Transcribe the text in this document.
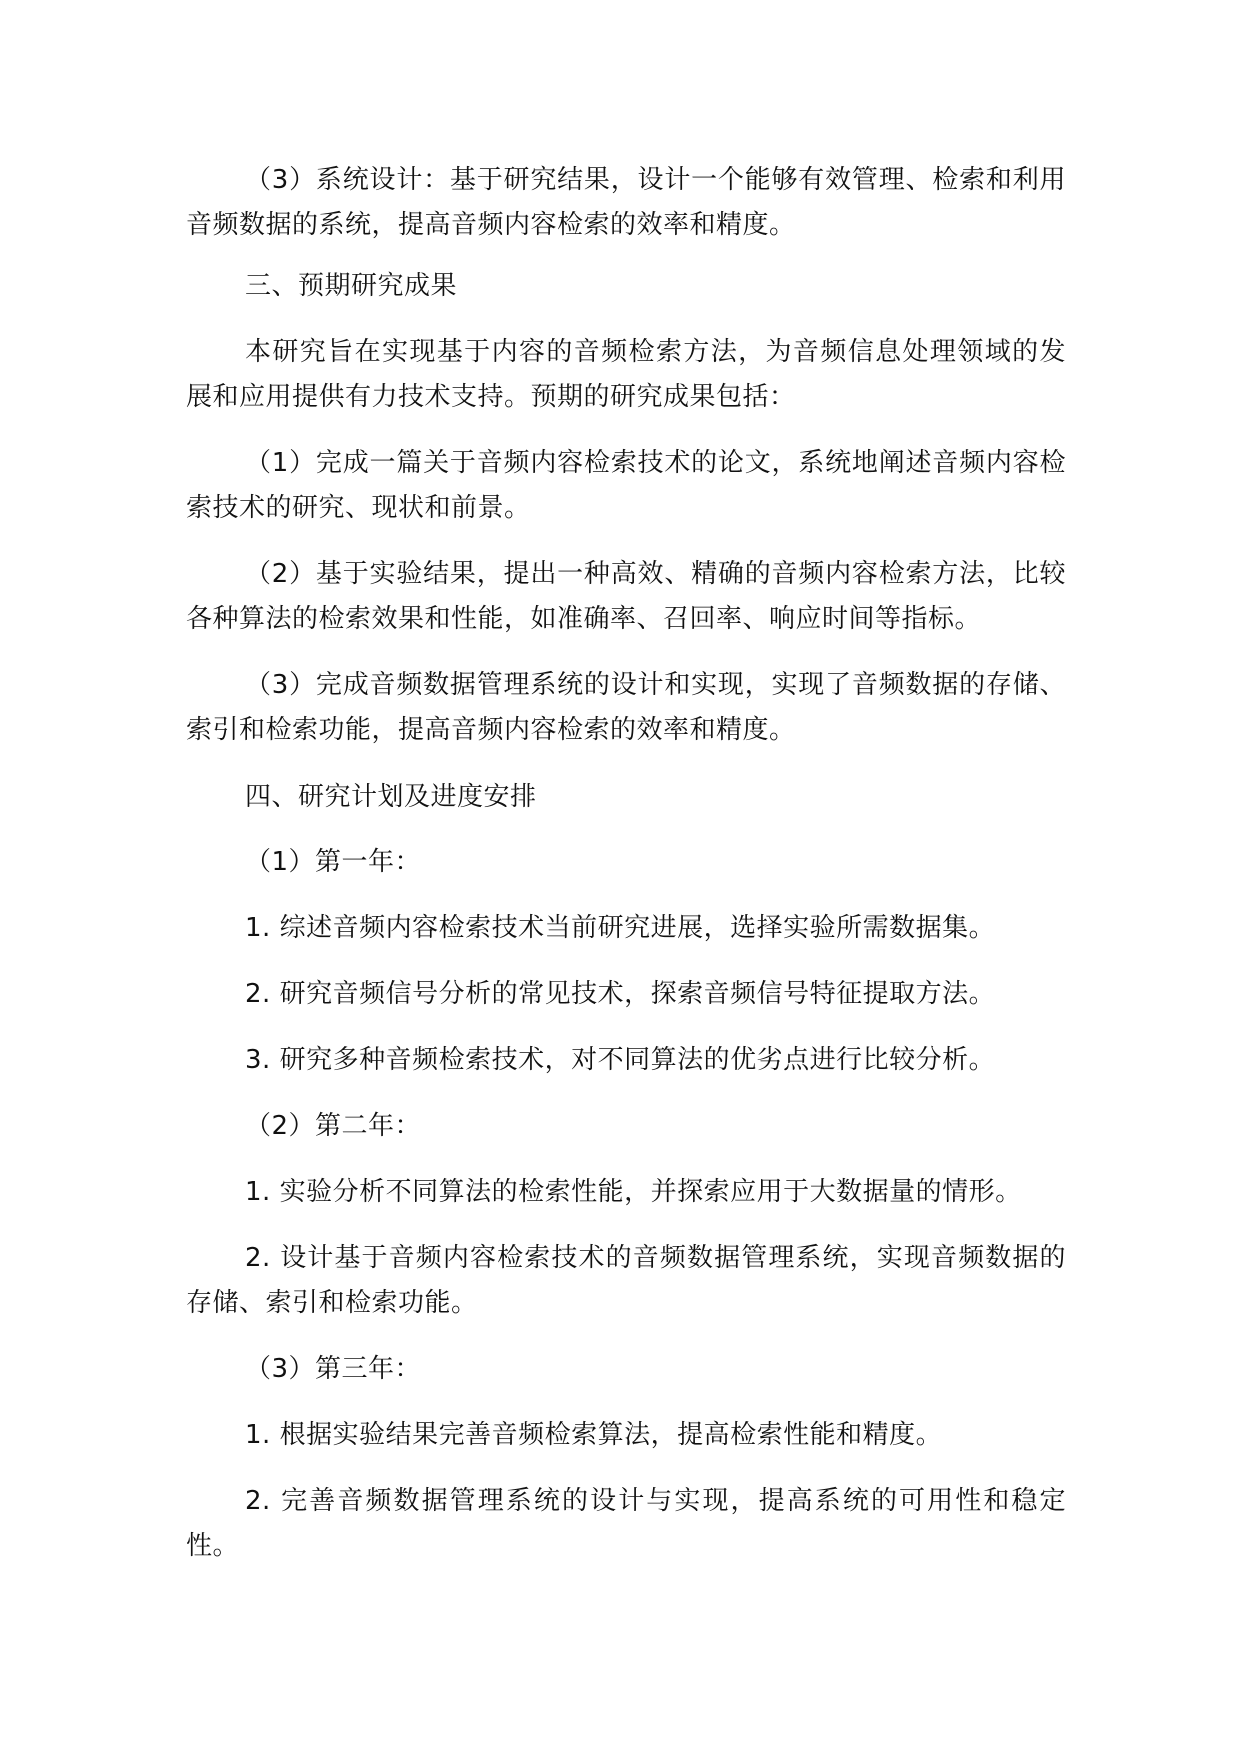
（3）系统设计：基于研究结果，设计一个能够有效管理、检索和利用音频数据的系统，提高音频内容检索的效率和精度。

三、预期研究成果

本研究旨在实现基于内容的音频检索方法，为音频信息处理领域的发展和应用提供有力技术支持。预期的研究成果包括：

（1）完成一篇关于音频内容检索技术的论文，系统地阐述音频内容检索技术的研究、现状和前景。

（2）基于实验结果，提出一种高效、精确的音频内容检索方法，比较各种算法的检索效果和性能，如准确率、召回率、响应时间等指标。

（3）完成音频数据管理系统的设计和实现，实现了音频数据的存储、索引和检索功能，提高音频内容检索的效率和精度。

四、研究计划及进度安排

（1）第一年：

1. 综述音频内容检索技术当前研究进展，选择实验所需数据集。

2. 研究音频信号分析的常见技术，探索音频信号特征提取方法。

3. 研究多种音频检索技术，对不同算法的优劣点进行比较分析。

（2）第二年：

1. 实验分析不同算法的检索性能，并探索应用于大数据量的情形。

2. 设计基于音频内容检索技术的音频数据管理系统，实现音频数据的存储、索引和检索功能。

（3）第三年：

1. 根据实验结果完善音频检索算法，提高检索性能和精度。

2. 完善音频数据管理系统的设计与实现，提高系统的可用性和稳定性。
